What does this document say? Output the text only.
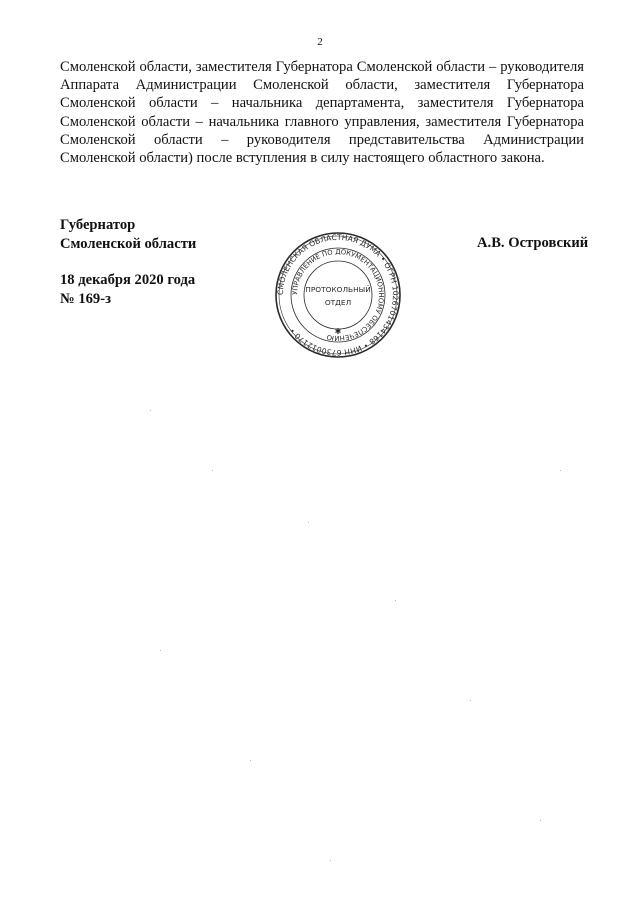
2

Смоленской области, заместителя Губернатора Смоленской области – руководителя Аппарата Администрации Смоленской области, заместителя Губернатора Смоленской области – начальника департамента, заместителя Губернатора Смоленской области – начальника главного управления, заместителя Губернатора Смоленской области – руководителя представительства Администрации Смоленской области) после вступления в силу настоящего областного закона.

Губернатор
Смоленской области
18 декабря 2020 года
№ 169-з
А.В. Островский
СМОЛЕНСКАЯ ОБЛАСТНАЯ ДУМА • ОГРН 1026701434168 • ИНН 6730012170 •
УПРАВЛЕНИЕ ПО ДОКУМЕНТАЦИОННОМУ ОБЕСПЕЧЕНИЮ
ПРОТОКОЛЬНЫЙ
ОТДЕЛ
✱
